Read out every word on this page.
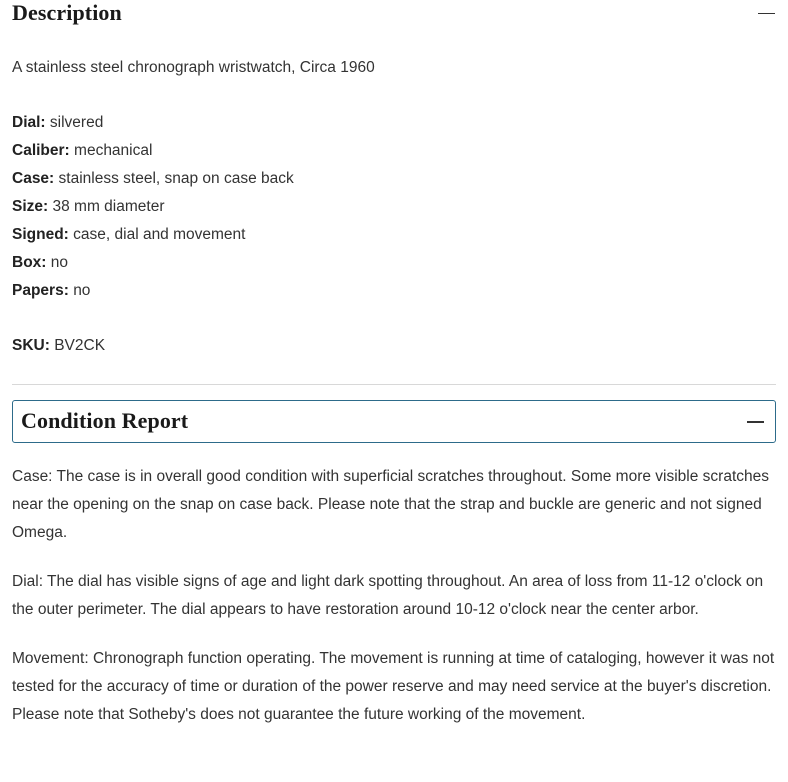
Description
A stainless steel chronograph wristwatch, Circa 1960
Dial: silvered
Caliber: mechanical
Case: stainless steel, snap on case back
Size: 38 mm diameter
Signed: case, dial and movement
Box: no
Papers: no
SKU: BV2CK
Condition Report
Case: The case is in overall good condition with superficial scratches throughout. Some more visible scratches near the opening on the snap on case back. Please note that the strap and buckle are generic and not signed Omega.
Dial: The dial has visible signs of age and light dark spotting throughout. An area of loss from 11-12 o'clock on the outer perimeter. The dial appears to have restoration around 10-12 o'clock near the center arbor.
Movement: Chronograph function operating. The movement is running at time of cataloging, however it was not tested for the accuracy of time or duration of the power reserve and may need service at the buyer's discretion. Please note that Sotheby's does not guarantee the future working of the movement.
